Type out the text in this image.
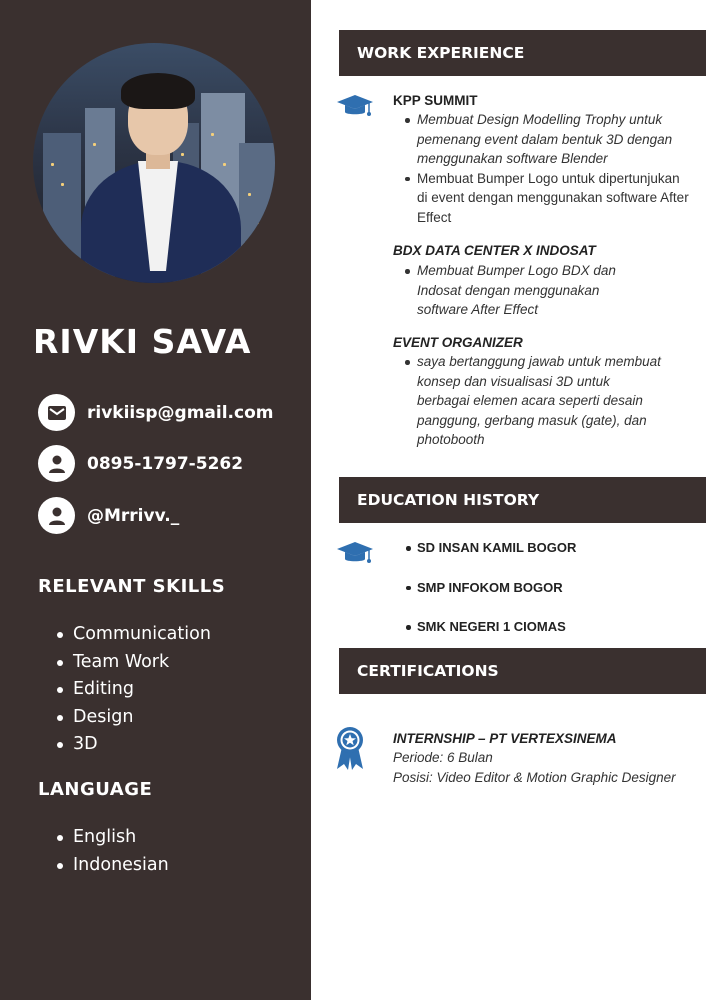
RIVKI SAVA
rivkiisp@gmail.com
0895-1797-5262
@Mrrivv._
RELEVANT SKILLS
Communication
Team Work
Editing
Design
3D
LANGUAGE
English
Indonesian
WORK EXPERIENCE
KPP SUMMIT
Membuat Design Modelling Trophy untuk pemenang event dalam bentuk 3D dengan menggunakan software Blender
Membuat Bumper Logo untuk dipertunjukan di event dengan menggunakan software After Effect
BDX DATA CENTER X INDOSAT
Membuat Bumper Logo BDX dan Indosat dengan menggunakan software After Effect
EVENT ORGANIZER
saya bertanggung jawab untuk membuat konsep dan visualisasi 3D untuk berbagai elemen acara seperti desain panggung, gerbang masuk (gate), dan photobooth
EDUCATION HISTORY
SD INSAN KAMIL BOGOR
SMP INFOKOM BOGOR
SMK NEGERI 1 CIOMAS
CERTIFICATIONS
INTERNSHIP – PT VERTEXSINEMA

Periode: 6 Bulan

Posisi: Video Editor & Motion Graphic Designer
